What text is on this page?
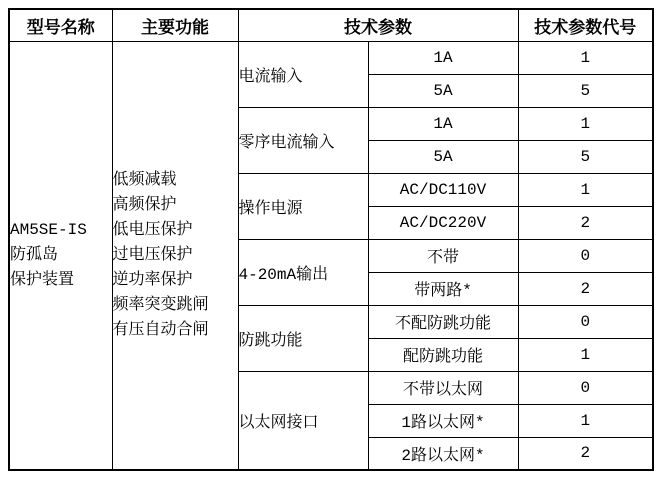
型号名称	主要功能	技术参数		技术参数代号

AM5SE-IS
防孤岛
保护装置

低频减载
高频保护
低电压保护
过电压保护
逆功率保护
频率突变跳闸
有压自动合闸
	电流输入	1A	1
			5A	5
		零序电流输入	1A	1
			5A	5
		操作电源	AC/DC110V	1
			AC/DC220V	2
		4-20mA输出	不带	0
			带两路*	2
		防跳功能	不配防跳功能	0
			配防跳功能	1
		以太网接口	不带以太网	0
			1路以太网*	1
			2路以太网*	2
